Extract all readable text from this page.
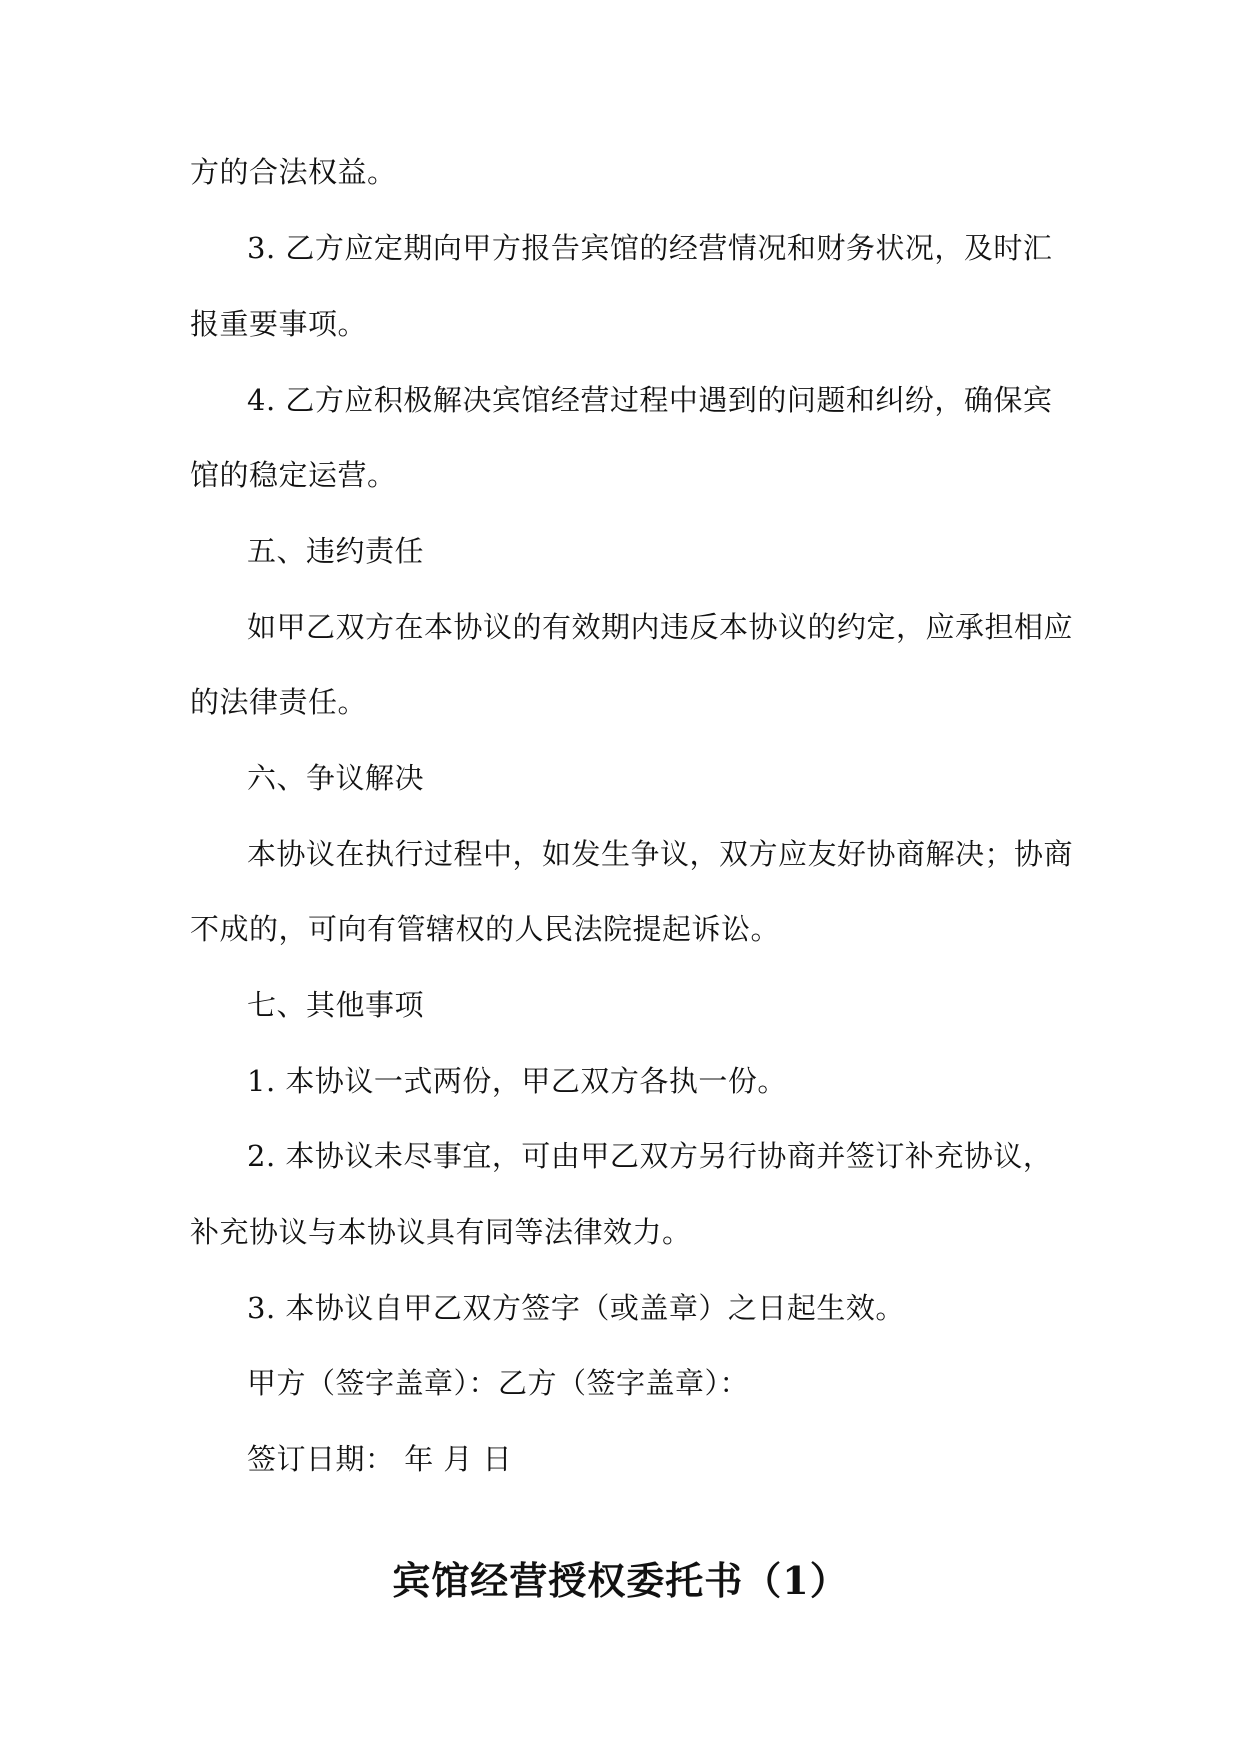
方的合法权益。
3. 乙方应定期向甲方报告宾馆的经营情况和财务状况，及时汇
报重要事项。
4. 乙方应积极解决宾馆经营过程中遇到的问题和纠纷，确保宾
馆的稳定运营。
五、违约责任
如甲乙双方在本协议的有效期内违反本协议的约定，应承担相应
的法律责任。
六、争议解决
本协议在执行过程中，如发生争议，双方应友好协商解决；协商
不成的，可向有管辖权的人民法院提起诉讼。
七、其他事项
1. 本协议一式两份，甲乙双方各执一份。
2. 本协议未尽事宜，可由甲乙双方另行协商并签订补充协议，
补充协议与本协议具有同等法律效力。
3. 本协议自甲乙双方签字（或盖章）之日起生效。
甲方（签字盖章）：乙方（签字盖章）：
签订日期： 年 月 日
宾馆经营授权委托书（1）
